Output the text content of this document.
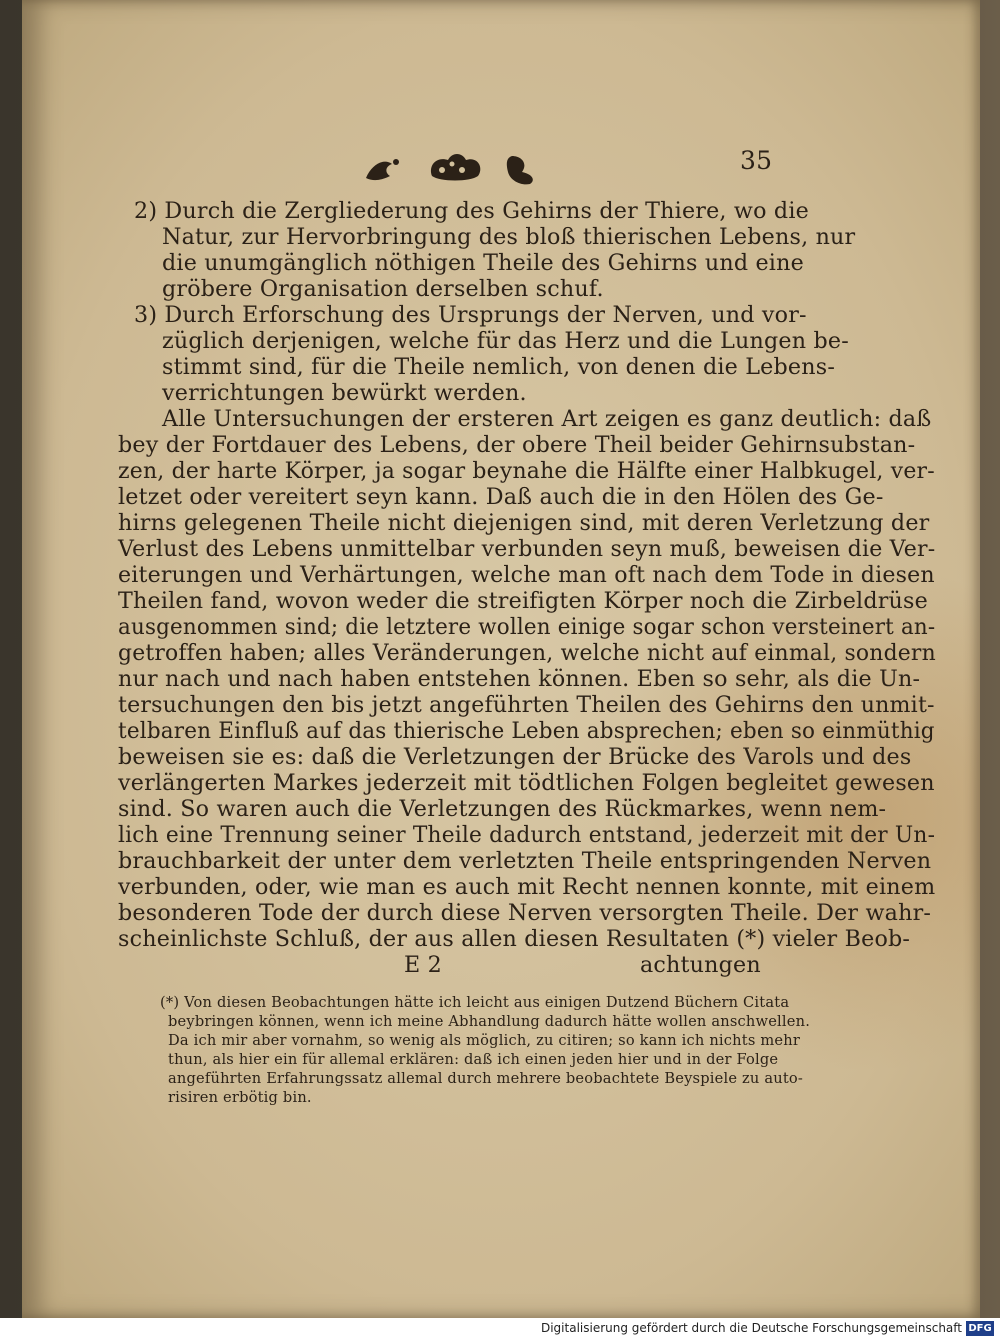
35
2) Durch die Zergliederung des Gehirns der Thiere, wo die
Natur, zur Hervorbringung des bloß thierischen Lebens, nur
die unumgänglich nöthigen Theile des Gehirns und eine
gröbere Organisation derselben schuf.
3) Durch Erforschung des Ursprungs der Nerven, und vor-
züglich derjenigen, welche für das Herz und die Lungen be-
stimmt sind, für die Theile nemlich, von denen die Lebens-
verrichtungen bewürkt werden.
Alle Untersuchungen der ersteren Art zeigen es ganz deutlich: daß
bey der Fortdauer des Lebens, der obere Theil beider Gehirnsubstan-
zen, der harte Körper, ja sogar beynahe die Hälfte einer Halbkugel, ver-
letzet oder vereitert seyn kann. Daß auch die in den Hölen des Ge-
hirns gelegenen Theile nicht diejenigen sind, mit deren Verletzung der
Verlust des Lebens unmittelbar verbunden seyn muß, beweisen die Ver-
eiterungen und Verhärtungen, welche man oft nach dem Tode in diesen
Theilen fand, wovon weder die streifigten Körper noch die Zirbeldrüse
ausgenommen sind; die letztere wollen einige sogar schon versteinert an-
getroffen haben; alles Veränderungen, welche nicht auf einmal, sondern
nur nach und nach haben entstehen können. Eben so sehr, als die Un-
tersuchungen den bis jetzt angeführten Theilen des Gehirns den unmit-
telbaren Einfluß auf das thierische Leben absprechen; eben so einmüthig
beweisen sie es: daß die Verletzungen der Brücke des Varols und des
verlängerten Markes jederzeit mit tödtlichen Folgen begleitet gewesen
sind. So waren auch die Verletzungen des Rückmarkes, wenn nem-
lich eine Trennung seiner Theile dadurch entstand, jederzeit mit der Un-
brauchbarkeit der unter dem verletzten Theile entspringenden Nerven
verbunden, oder, wie man es auch mit Recht nennen konnte, mit einem
besonderen Tode der durch diese Nerven versorgten Theile. Der wahr-
scheinlichste Schluß, der aus allen diesen Resultaten (*) vieler Beob-
E 2	achtungen
(*) Von diesen Beobachtungen hätte ich leicht aus einigen Dutzend Büchern Citata
beybringen können, wenn ich meine Abhandlung dadurch hätte wollen anschwellen.
Da ich mir aber vornahm, so wenig als möglich, zu citiren; so kann ich nichts mehr
thun, als hier ein für allemal erklären: daß ich einen jeden hier und in der Folge
angeführten Erfahrungssatz allemal durch mehrere beobachtete Beyspiele zu auto-
risiren erbötig bin.
Digitalisierung gefördert durch die Deutsche Forschungsgemeinschaft DFG
